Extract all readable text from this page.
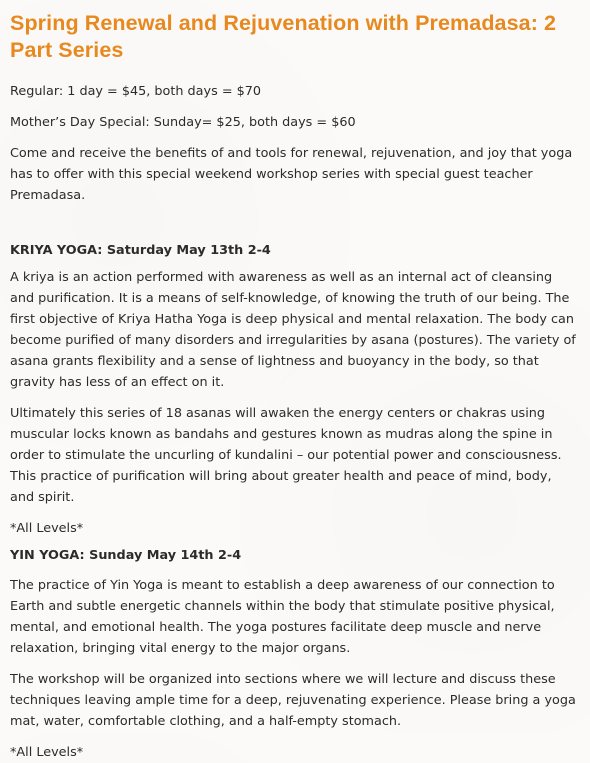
Spring Renewal and Rejuvenation with Premadasa: 2 Part Series

Regular: 1 day = $45, both days = $70

Mother’s Day Special: Sunday= $25, both days = $60

Come and receive the benefits of and tools for renewal, rejuvenation, and joy that yoga has to offer with this special weekend workshop series with special guest teacher Premadasa.

KRIYA YOGA: Saturday May 13th 2-4

A kriya is an action performed with awareness as well as an internal act of cleansing and purification. It is a means of self-knowledge, of knowing the truth of our being. The first objective of Kriya Hatha Yoga is deep physical and mental relaxation. The body can become purified of many disorders and irregularities by asana (postures). The variety of asana grants flexibility and a sense of lightness and buoyancy in the body, so that gravity has less of an effect on it.

Ultimately this series of 18 asanas will awaken the energy centers or chakras using muscular locks known as bandahs and gestures known as mudras along the spine in order to stimulate the uncurling of kundalini – our potential power and consciousness. This practice of purification will bring about greater health and peace of mind, body, and spirit.

*All Levels*

YIN YOGA: Sunday May 14th 2-4

The practice of Yin Yoga is meant to establish a deep awareness of our connection to Earth and subtle energetic channels within the body that stimulate positive physical, mental, and emotional health. The yoga postures facilitate deep muscle and nerve relaxation, bringing vital energy to the major organs.

The workshop will be organized into sections where we will lecture and discuss these techniques leaving ample time for a deep, rejuvenating experience. Please bring a yoga mat, water, comfortable clothing, and a half-empty stomach.

*All Levels*
